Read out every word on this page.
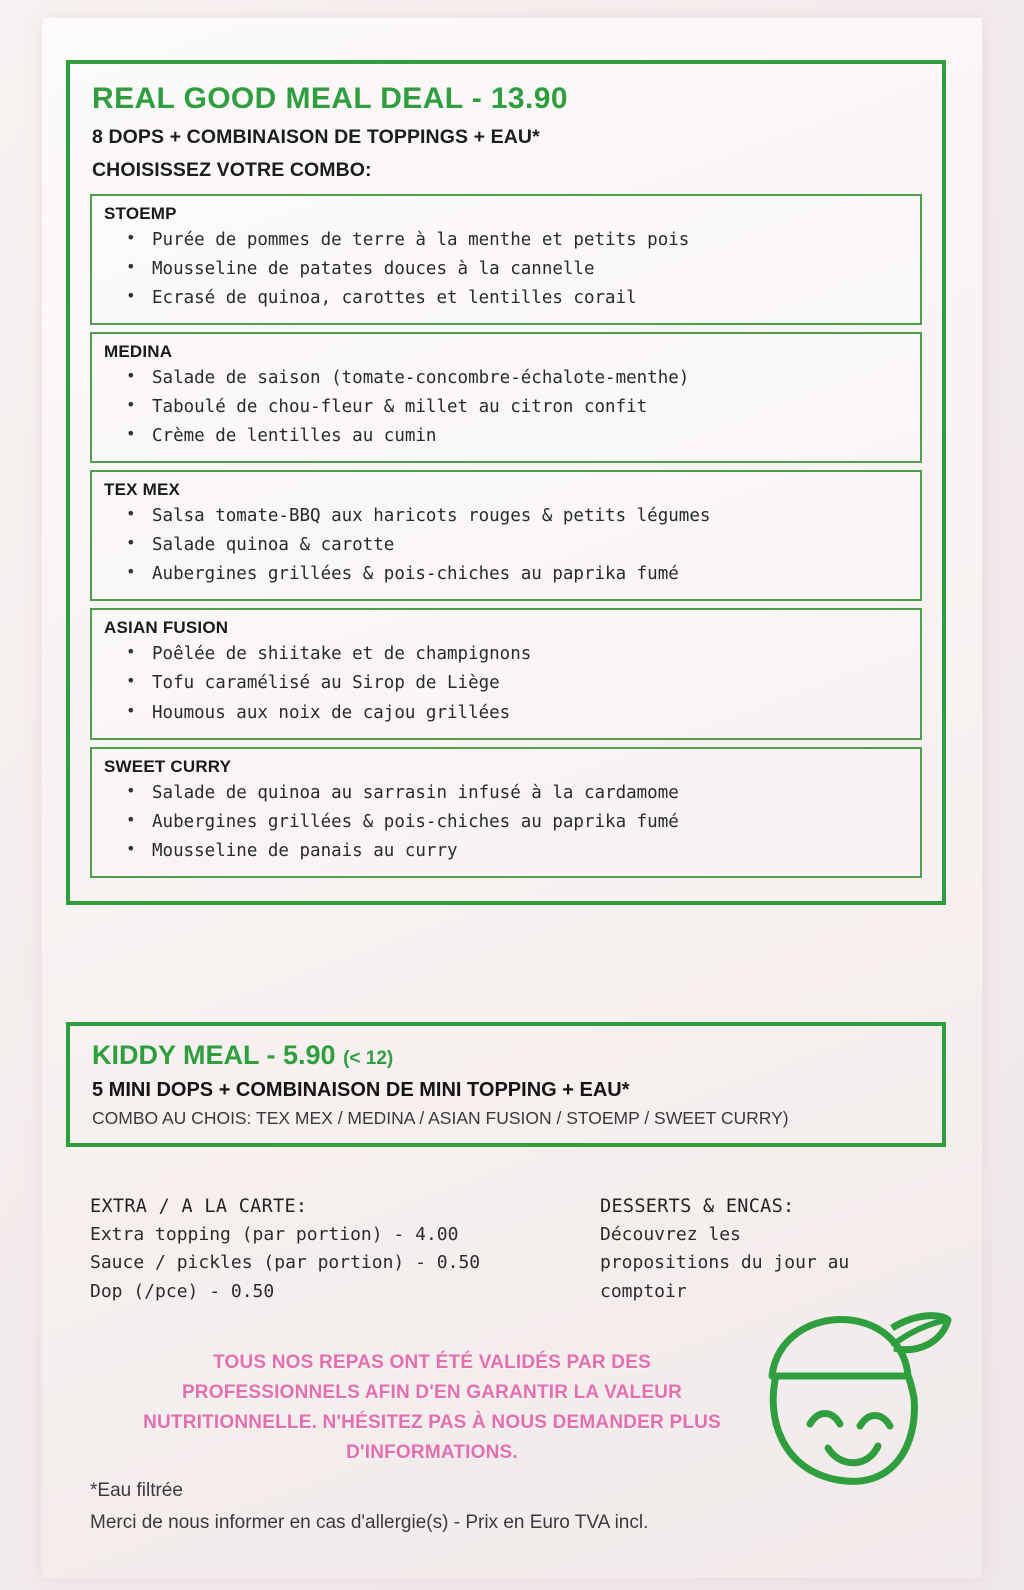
REAL GOOD MEAL DEAL - 13.90
8 DOPS + COMBINAISON DE TOPPINGS + EAU*
CHOISISSEZ VOTRE COMBO:
STOEMP
• Purée de pommes de terre à la menthe et petits pois
• Mousseline de patates douces à la cannelle
• Ecrasé de quinoa, carottes et lentilles corail
MEDINA
• Salade de saison (tomate-concombre-échalote-menthe)
• Taboulé de chou-fleur & millet au citron confit
• Crème de lentilles au cumin
TEX MEX
• Salsa tomate-BBQ aux haricots rouges & petits légumes
• Salade quinoa & carotte
• Aubergines grillées & pois-chiches au paprika fumé
ASIAN FUSION
• Poêlée de shiitake et de champignons
• Tofu caramélisé au Sirop de Liège
• Houmous aux noix de cajou grillées
SWEET CURRY
• Salade de quinoa au sarrasin infusé à la cardamome
• Aubergines grillées & pois-chiches au paprika fumé
• Mousseline de panais au curry
KIDDY MEAL - 5.90 (< 12)
5 MINI DOPS + COMBINAISON DE MINI TOPPING + EAU*
COMBO AU CHOIS: TEX MEX / MEDINA / ASIAN FUSION / STOEMP / SWEET CURRY)
EXTRA / A LA CARTE:
Extra topping (par portion) - 4.00
Sauce / pickles (par portion) - 0.50
Dop (/pce) - 0.50
DESSERTS & ENCAS:
Découvrez les
propositions du jour au
comptoir
TOUS NOS REPAS ONT ÉTÉ VALIDÉS PAR DES PROFESSIONNELS AFIN D'EN GARANTIR LA VALEUR NUTRITIONNELLE. N'HÉSITEZ PAS À NOUS DEMANDER PLUS D'INFORMATIONS.
*Eau filtrée
Merci de nous informer en cas d'allergie(s) - Prix en Euro TVA incl.
